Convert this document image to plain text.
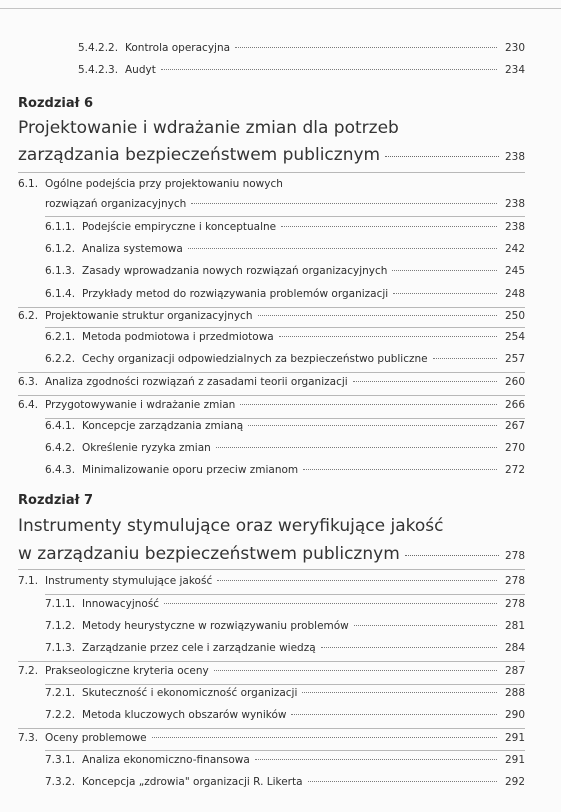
5.4.2.2. Kontrola operacyjna	230
5.4.2.3. Audyt	234
Rozdział 6
Projektowanie i wdrażanie zmian dla potrzeb
zarządzania bezpieczeństwem publicznym	238
6.1. Ogólne podejścia przy projektowaniu nowych
rozwiązań organizacyjnych	238
6.1.1. Podejście empiryczne i konceptualne	238
6.1.2. Analiza systemowa	242
6.1.3. Zasady wprowadzania nowych rozwiązań organizacyjnych	245
6.1.4. Przykłady metod do rozwiązywania problemów organizacji	248
6.2. Projektowanie struktur organizacyjnych	250
6.2.1. Metoda podmiotowa i przedmiotowa	254
6.2.2. Cechy organizacji odpowiedzialnych za bezpieczeństwo publiczne	257
6.3. Analiza zgodności rozwiązań z zasadami teorii organizacji	260
6.4. Przygotowywanie i wdrażanie zmian	266
6.4.1. Koncepcje zarządzania zmianą	267
6.4.2. Określenie ryzyka zmian	270
6.4.3. Minimalizowanie oporu przeciw zmianom	272
Rozdział 7
Instrumenty stymulujące oraz weryfikujące jakość
w zarządzaniu bezpieczeństwem publicznym	278
7.1. Instrumenty stymulujące jakość	278
7.1.1. Innowacyjność	278
7.1.2. Metody heurystyczne w rozwiązywaniu problemów	281
7.1.3. Zarządzanie przez cele i zarządzanie wiedzą	284
7.2. Prakseologiczne kryteria oceny	287
7.2.1. Skuteczność i ekonomiczność organizacji	288
7.2.2. Metoda kluczowych obszarów wyników	290
7.3. Oceny problemowe	291
7.3.1. Analiza ekonomiczno-finansowa	291
7.3.2. Koncepcja „zdrowia" organizacji R. Likerta	292
